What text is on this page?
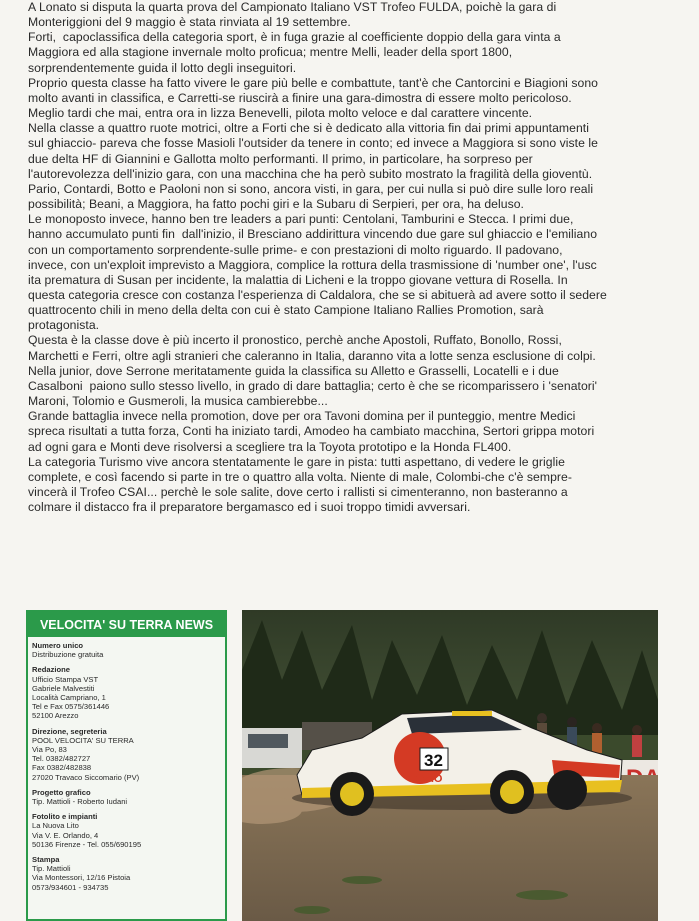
A Lonato si disputa la quarta prova del Campionato Italiano VST Trofeo FULDA, poichè la gara di
Monteriggioni del 9 maggio è stata rinviata al 19 settembre.

Forti,  capoclassifica della categoria sport, è in fuga grazie al coefficiente doppio della gara vinta a
Maggiora ed alla stagione invernale molto proficua; mentre Melli, leader della sport 1800,
sorprendentemente guida il lotto degli inseguitori.

Proprio questa classe ha fatto vivere le gare più belle e combattute, tant'è che Cantorcini e Biagioni sono
molto avanti in classifica, e Carretti-se riuscirà a finire una gara-dimostra di essere molto pericoloso.
Meglio tardi che mai, entra ora in lizza Benevelli, pilota molto veloce e dal carattere vincente.

Nella classe a quattro ruote motrici, oltre a Forti che si è dedicato alla vittoria fin dai primi appuntamenti
sul ghiaccio- pareva che fosse Masioli l'outsider da tenere in conto; ed invece a Maggiora si sono viste le
due delta HF di Giannini e Gallotta molto performanti. Il primo, in particolare, ha sorpreso per
l'autorevolezza dell'inizio gara, con una macchina che ha però subito mostrato la fragilità della gioventù.

Pario, Contardi, Botto e Paoloni non si sono, ancora visti, in gara, per cui nulla si può dire sulle loro reali
possibilità; Beani, a Maggiora, ha fatto pochi giri e la Subaru di Serpieri, per ora, ha deluso.

Le monoposto invece, hanno ben tre leaders a pari punti: Centolani, Tamburini e Stecca. I primi due,
hanno accumulato punti fin  dall'inizio, il Bresciano addirittura vincendo due gare sul ghiaccio e l'emiliano
con un comportamento sorprendente-sulle prime- e con prestazioni di molto riguardo. Il padovano,
invece, con un'exploit imprevisto a Maggiora, complice la rottura della trasmissione di 'number one', l'usc
ita prematura di Susan per incidente, la malattia di Licheni e la troppo giovane vettura di Rosella. In
questa categoria cresce con costanza l'esperienza di Caldalora, che se si abituerà ad avere sotto il sedere
quattrocento chili in meno della delta con cui è stato Campione Italiano Rallies Promotion, sarà
protagonista.

Questa è la classe dove è più incerto il pronostico, perchè anche Apostoli, Ruffato, Bonollo, Rossi,
Marchetti e Ferri, oltre agli stranieri che caleranno in Italia, daranno vita a lotte senza esclusione di colpi.

Nella junior, dove Serrone meritatamente guida la classifica su Alletto e Grasselli, Locatelli e i due
Casalboni  paiono sullo stesso livello, in grado di dare battaglia; certo è che se ricomparissero i 'senatori'
Maroni, Tolomio e Gusmeroli, la musica cambierebbe...

Grande battaglia invece nella promotion, dove per ora Tavoni domina per il punteggio, mentre Medici
spreca risultati a tutta forza, Conti ha iniziato tardi, Amodeo ha cambiato macchina, Sertori grippa motori
ad ogni gara e Monti deve risolversi a scegliere tra la Toyota prototipo e la Honda FL400.

La categoria Turismo vive ancora stentatamente le gare in pista: tutti aspettano, di vedere le griglie
complete, e così facendo si parte in tre o quattro alla volta. Niente di male, Colombi-che c'è sempre-
vincerà il Trofeo CSAI... perchè le sole salite, dove certo i rallisti si cimenteranno, non basteranno a
colmare il distacco fra il preparatore bergamasco ed i suoi troppo timidi avversari.

VELOCITA' SU TERRA NEWS
Numero unico
Distribuzione gratuita
Redazione
Ufficio Stampa VST
Gabriele Malvestiti
Località Campriano, 1
Tel e Fax 0575/361446
52100 Arezzo
Direzione, segreteria
POOL VELOCITA' SU TERRA
Via Po, 83
Tel. 0382/482727
Fax 0382/482838
27020 Travaco Siccomario (PV)
Progetto grafico
Tip. Mattioli - Roberto Iudani
Fotolito e impianti
La Nuova Lito
Via V. E. Orlando, 4
50136 Firenze - Tel. 055/690195
Stampa
Tip. Mattioli
Via Montessori, 12/16 Pistoia
0573/934601 - 934735
GOZIO
32
